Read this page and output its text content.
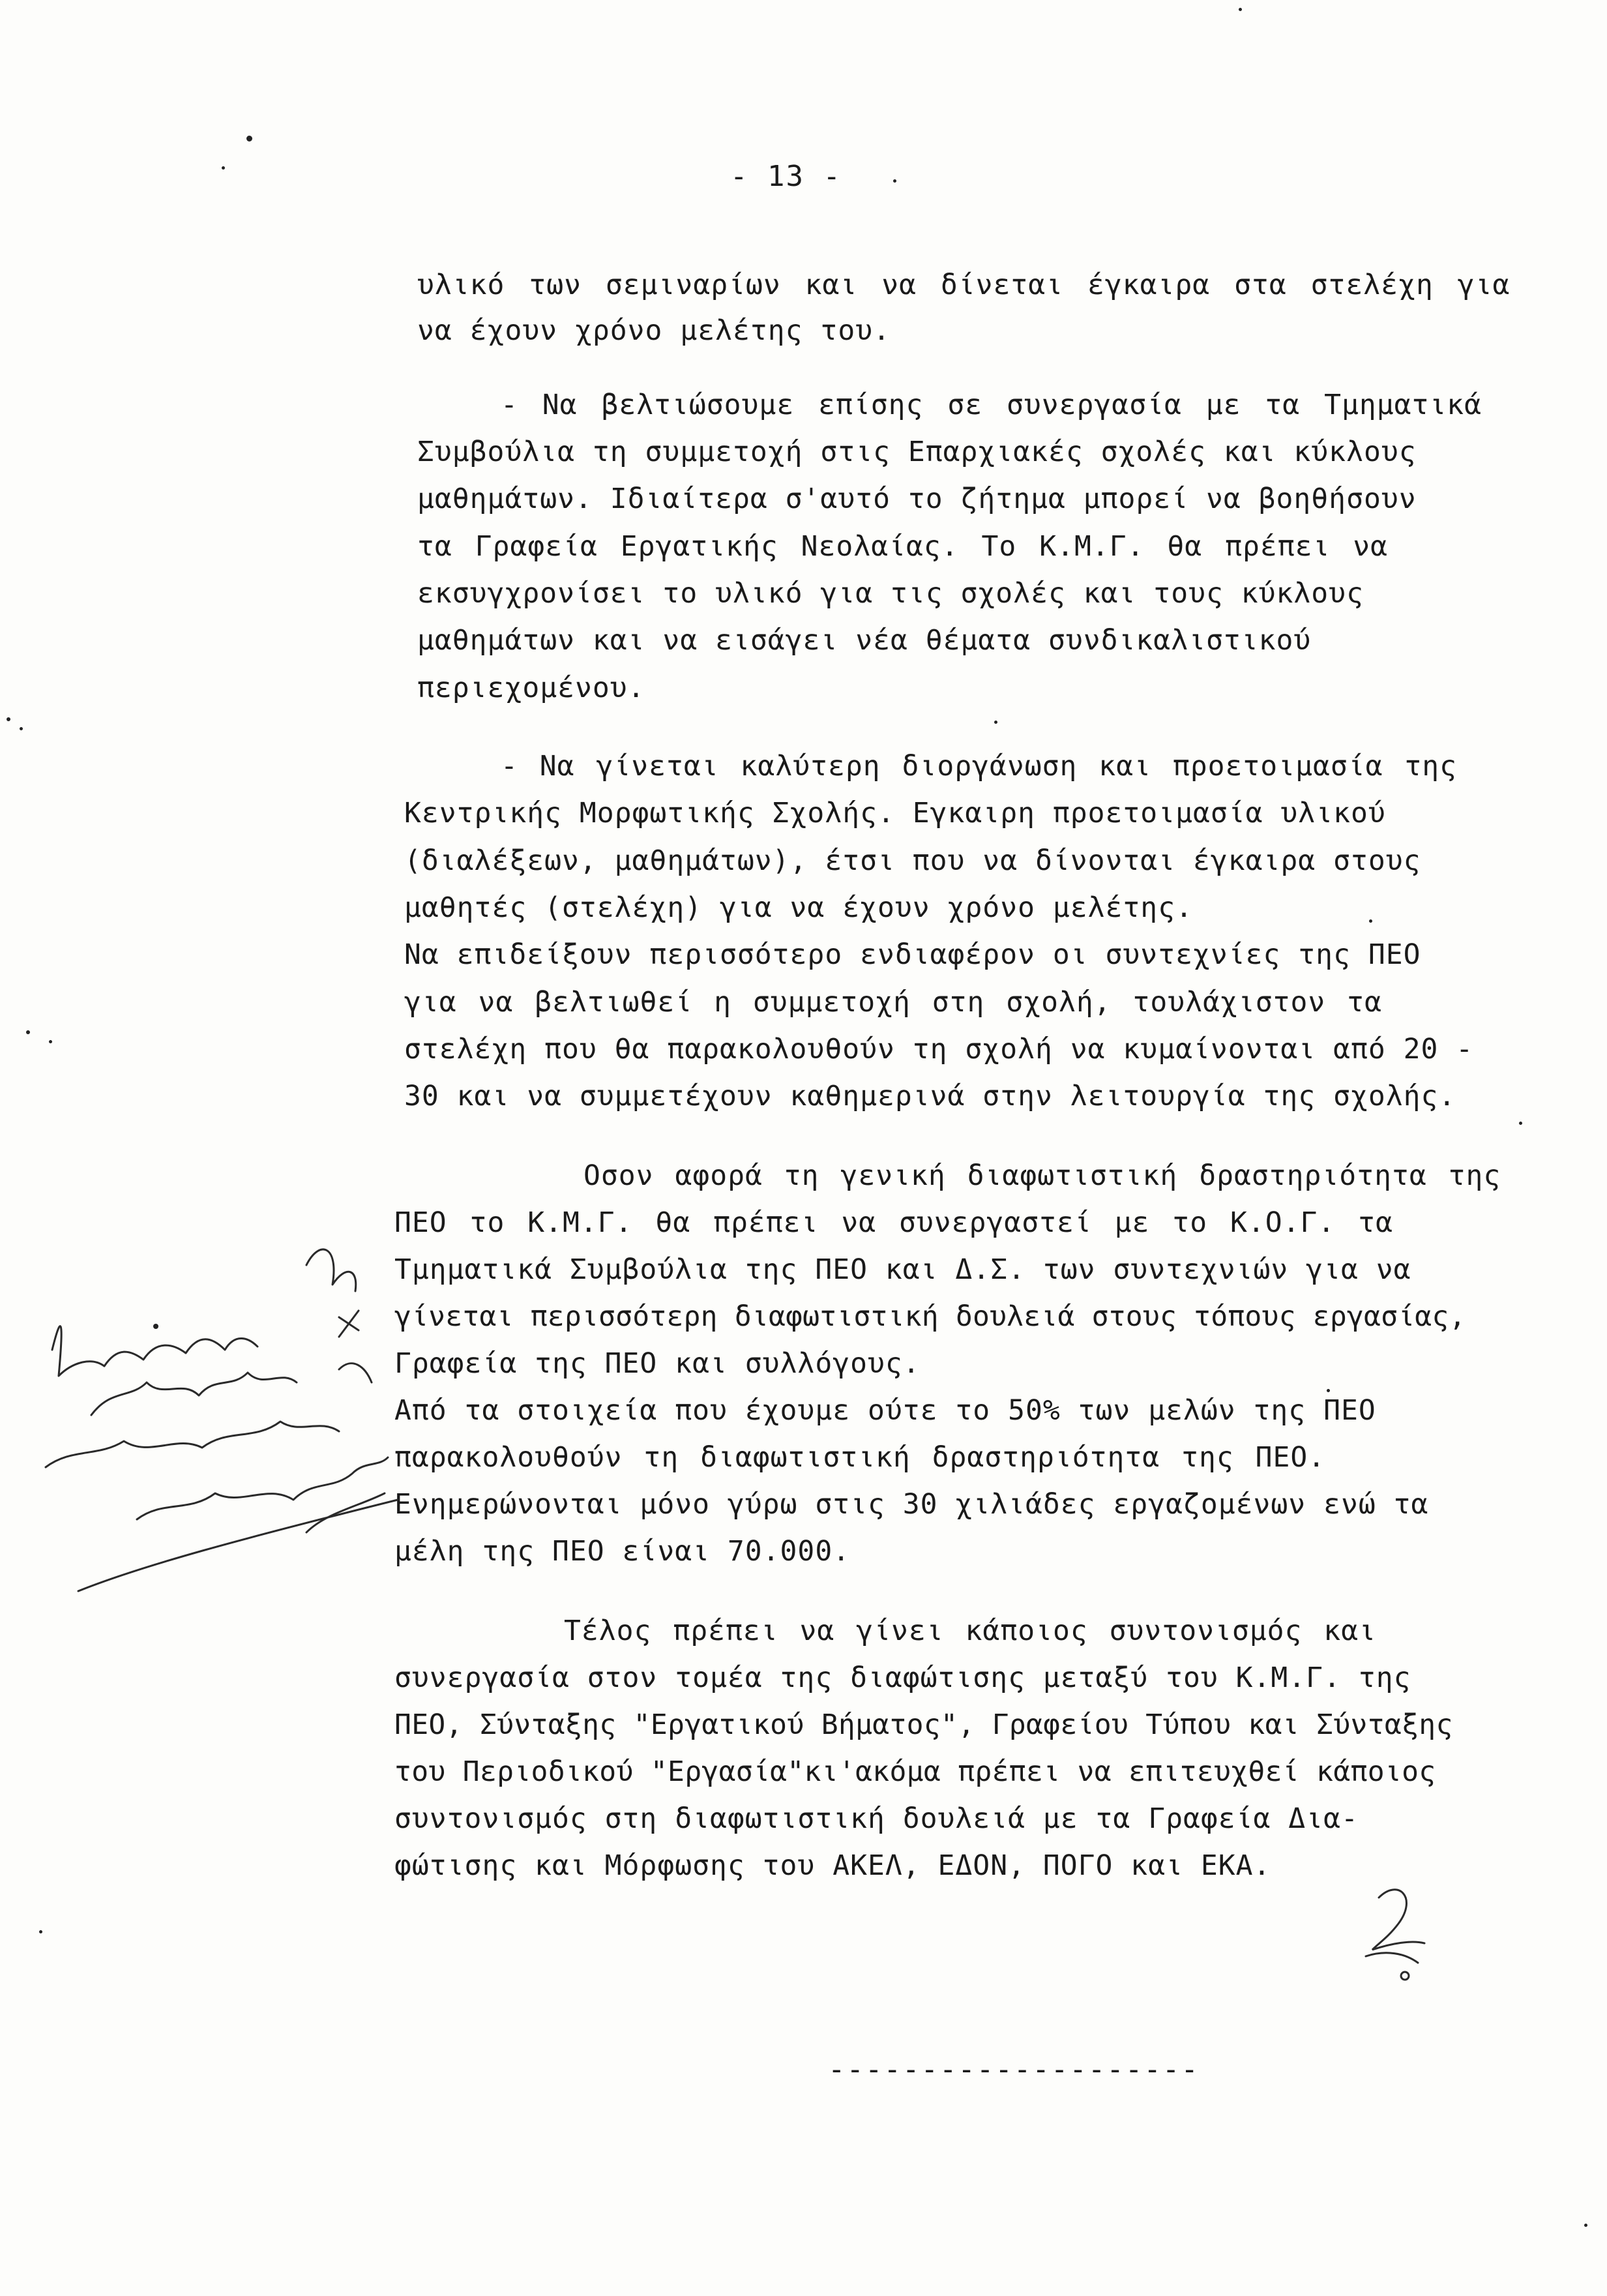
- 13 -
υλικό των σεμιναρίων και να δίνεται έγκαιρα στα στελέχη για
να έχουν χρόνο μελέτης του.
- Να βελτιώσουμε επίσης σε συνεργασία με τα Τμηματικά
Συμβούλια τη συμμετοχή στις Επαρχιακές σχολές και κύκλους
μαθημάτων. Ιδιαίτερα σ'αυτό το ζήτημα μπορεί να βοηθήσουν
τα Γραφεία Εργατικής Νεολαίας. Το Κ.Μ.Γ. θα πρέπει να
εκσυγχρονίσει το υλικό για τις σχολές και τους κύκλους
μαθημάτων και να εισάγει νέα θέματα συνδικαλιστικού
περιεχομένου.
- Να γίνεται καλύτερη διοργάνωση και προετοιμασία της
Κεντρικής Μορφωτικής Σχολής. Εγκαιρη προετοιμασία υλικού
(διαλέξεων, μαθημάτων), έτσι που να δίνονται έγκαιρα στους
μαθητές (στελέχη) για να έχουν χρόνο μελέτης.
Να επιδείξουν περισσότερο ενδιαφέρον οι συντεχνίες της ΠΕΟ
για να βελτιωθεί η συμμετοχή στη σχολή, τουλάχιστον τα
στελέχη που θα παρακολουθούν τη σχολή να κυμαίνονται από 20 -
30 και να συμμετέχουν καθημερινά στην λειτουργία της σχολής.
Οσον αφορά τη γενική διαφωτιστική δραστηριότητα της
ΠΕΟ το Κ.Μ.Γ. θα πρέπει να συνεργαστεί με το Κ.Ο.Γ. τα
Τμηματικά Συμβούλια της ΠΕΟ και Δ.Σ. των συντεχνιών για να
γίνεται περισσότερη διαφωτιστική δουλειά στους τόπους εργασίας,
Γραφεία της ΠΕΟ και συλλόγους.
Από τα στοιχεία που έχουμε ούτε το 50% των μελών της ΠΕΟ
παρακολουθούν τη διαφωτιστική δραστηριότητα της ΠΕΟ.
Ενημερώνονται μόνο γύρω στις 30 χιλιάδες εργαζομένων ενώ τα
μέλη της ΠΕΟ είναι 70.000.
Τέλος πρέπει να γίνει κάποιος συντονισμός και
συνεργασία στον τομέα της διαφώτισης μεταξύ του Κ.Μ.Γ. της
ΠΕΟ, Σύνταξης "Εργατικού Βήματος", Γραφείου Τύπου και Σύνταξης
του Περιοδικού "Εργασία"κι'ακόμα πρέπει να επιτευχθεί κάποιος
συντονισμός στη διαφωτιστική δουλειά με τα Γραφεία Δια-
φώτισης και Μόρφωσης του ΑΚΕΛ, ΕΔΟΝ, ΠΟΓΟ και ΕΚΑ.
--------------------
